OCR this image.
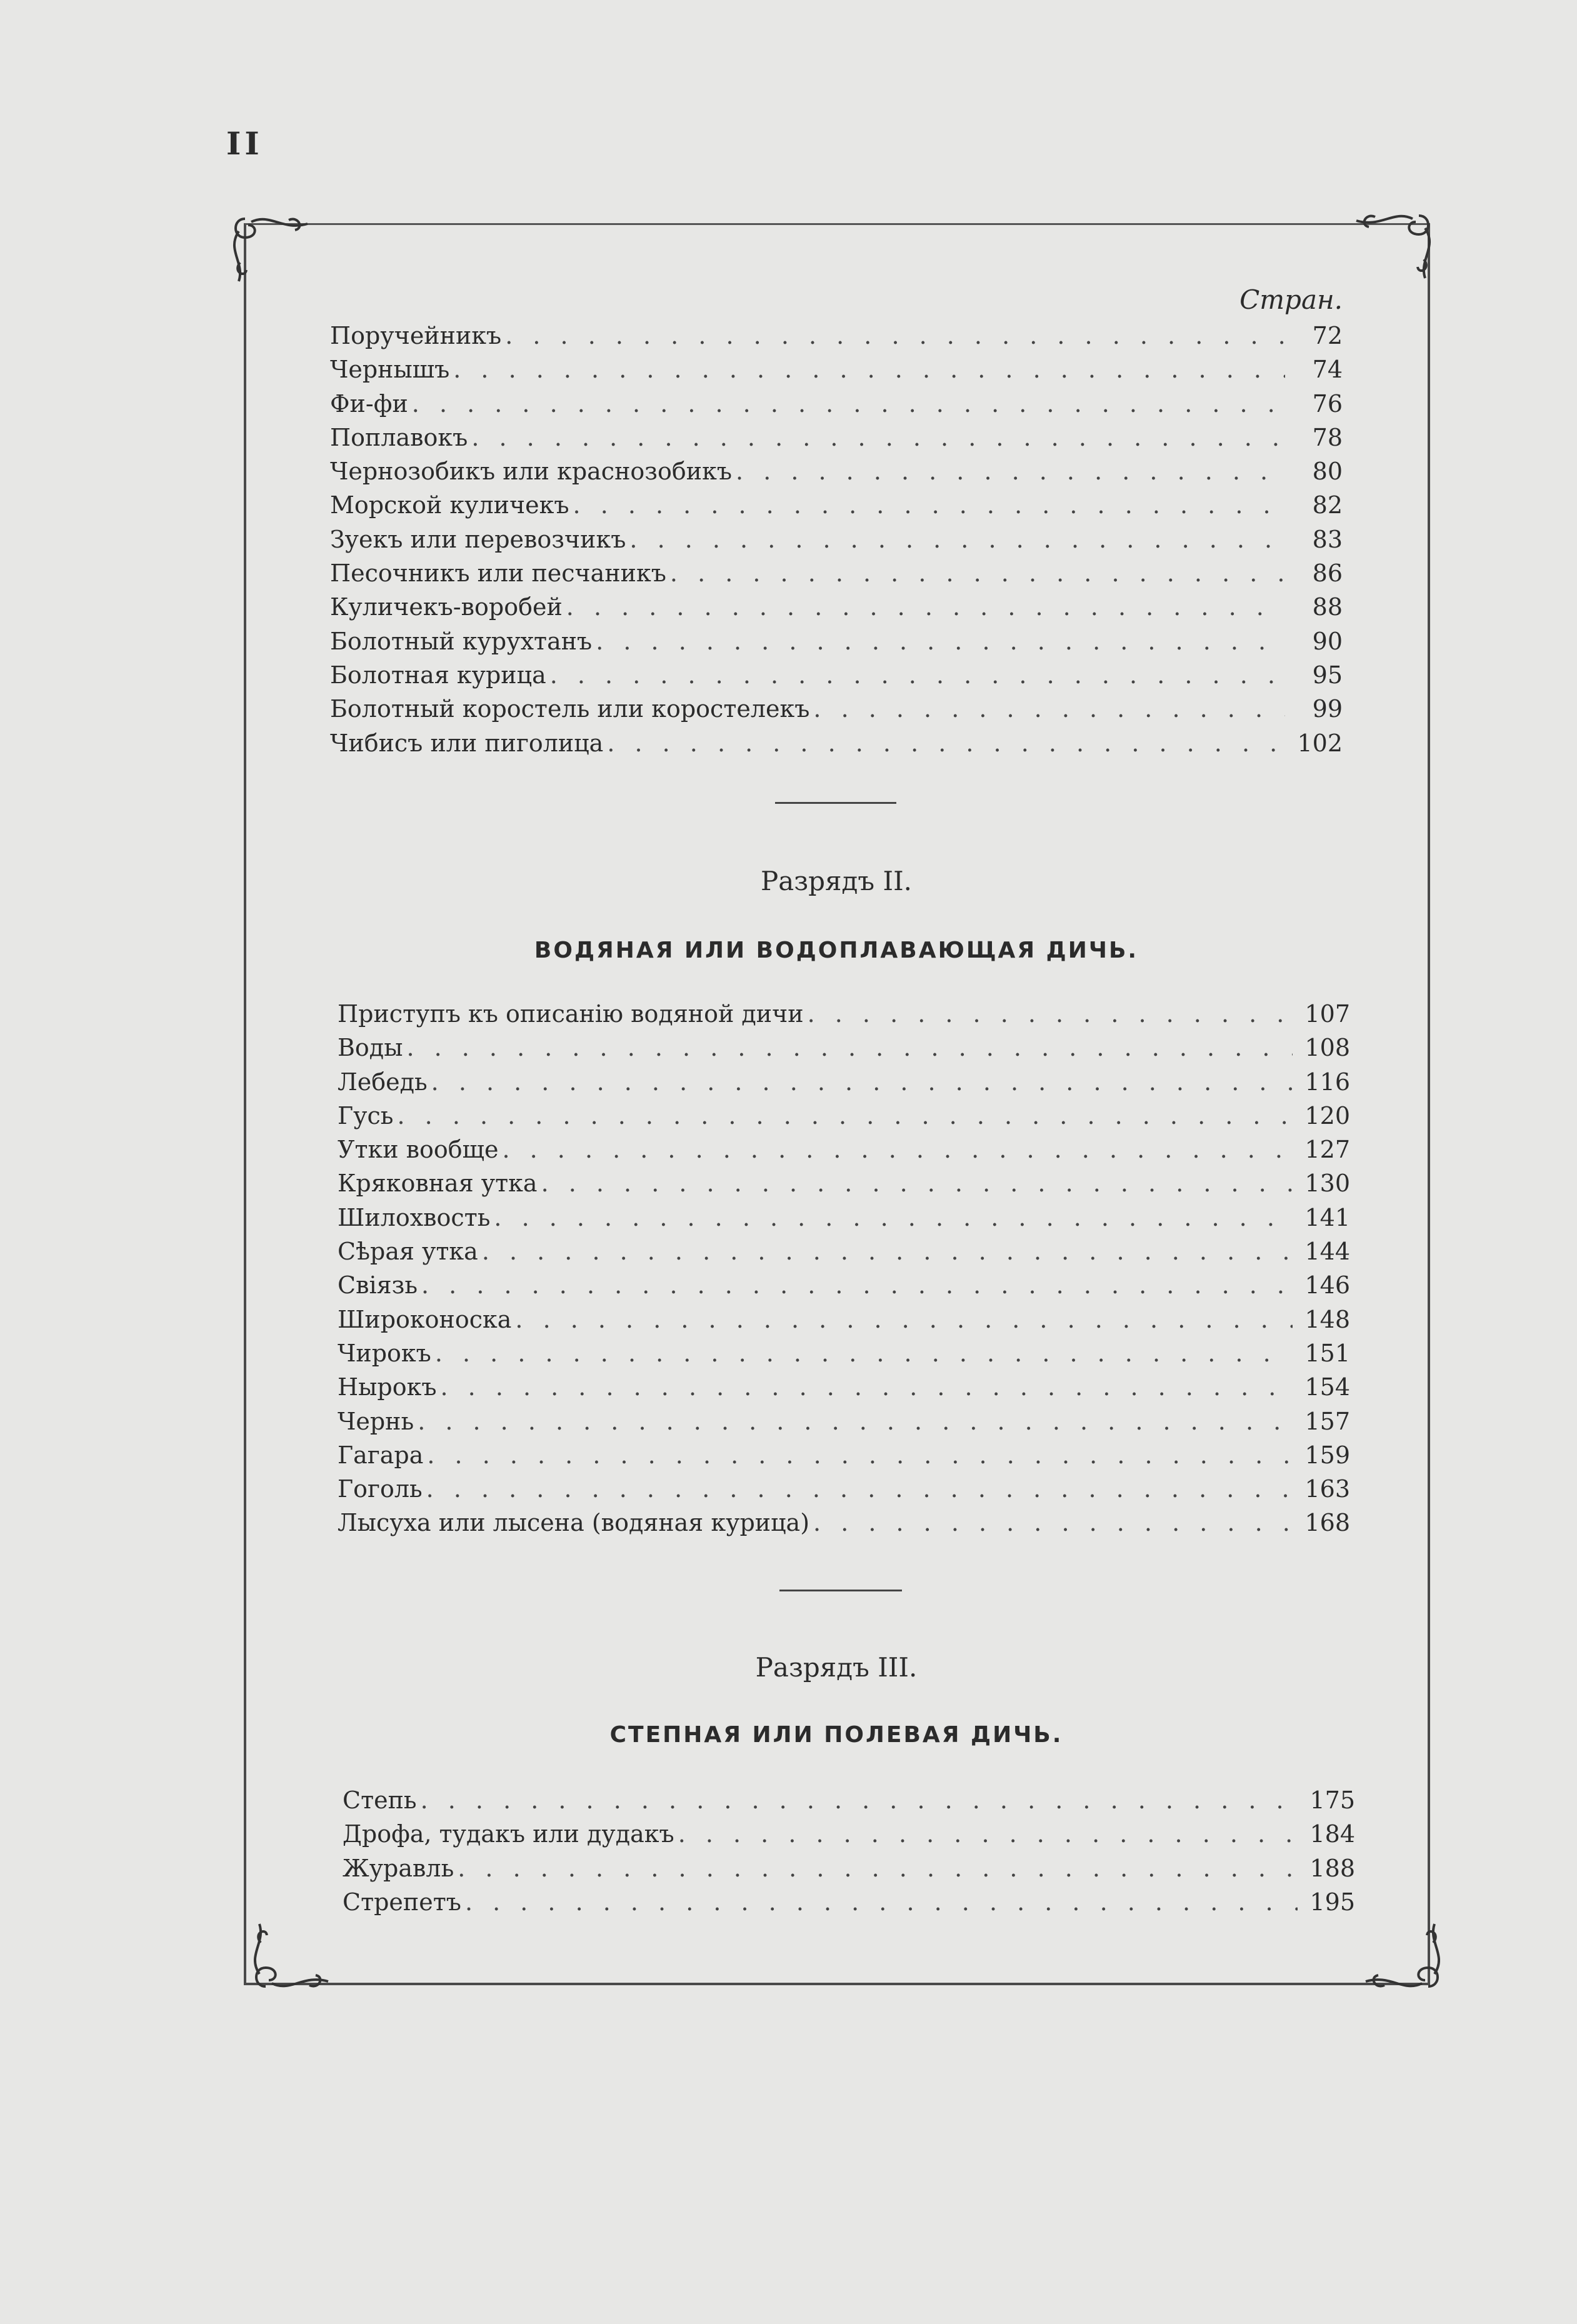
II
Стран.
Поручейникъ . . .	72
Чернышъ . . .	74
Фи-фи . . .	76
Поплавокъ . . .	78
Чернозобикъ или краснозобикъ . . .	80
Морской куличекъ . . .	82
Зуекъ или перевозчикъ . . .	83
Песочникъ или песчаникъ . . .	86
Куличекъ-воробей . . .	88
Болотный курухтанъ . . .	90
Болотная курица . . .	95
Болотный коростель или коростелекъ . . .	99
Чибисъ или пиголица . . .	102
Разрядъ II.
ВОДЯНАЯ ИЛИ ВОДОПЛАВАЮЩАЯ ДИЧЬ.
Приступъ къ описанію водяной дичи . . .	107
Воды . . .	108
Лебедь . . .	116
Гусь . . .	120
Утки вообще . . .	127
Кряковная утка . . .	130
Шилохвость . . .	141
Сѣрая утка . . .	144
Свіязь . . .	146
Широконоска . . .	148
Чирокъ . . .	151
Нырокъ . . .	154
Чернь . . .	157
Гагара . . .	159
Гоголь . . .	163
Лысуха или лысена (водяная курица) . . .	168
Разрядъ III.
СТЕПНАЯ ИЛИ ПОЛЕВАЯ ДИЧЬ.
Степь . . .	175
Дрофа, тудакъ или дудакъ . . .	184
Журавль . . .	188
Стрепетъ . . .	195
